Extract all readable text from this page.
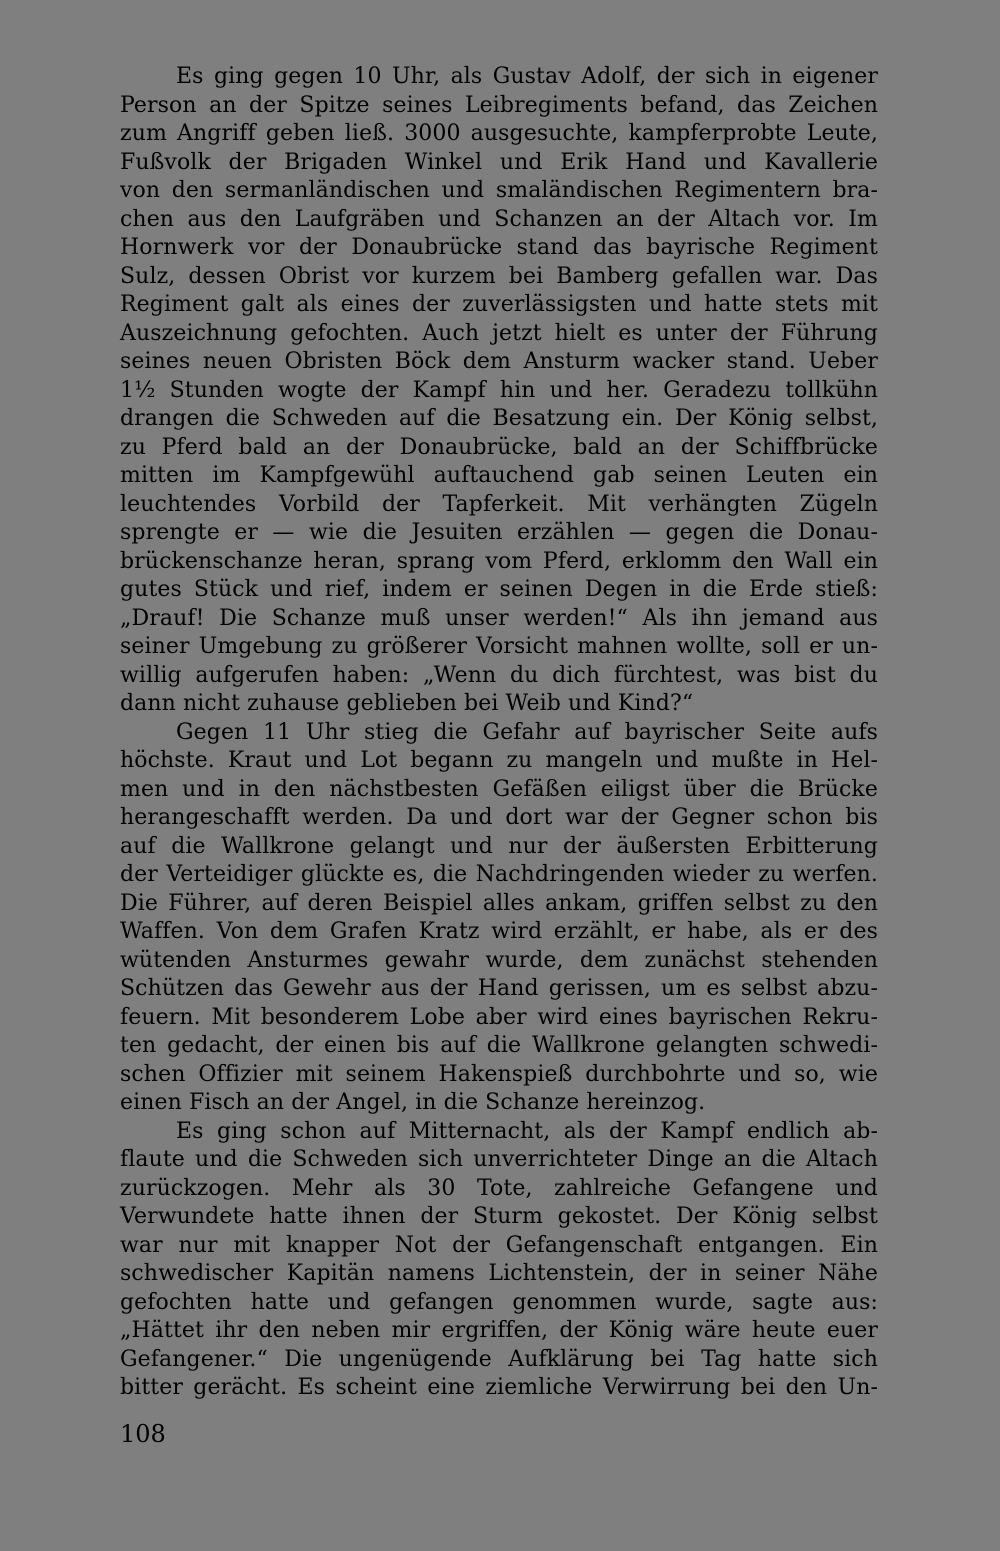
Es ging gegen 10 Uhr, als Gustav Adolf, der sich in eigener
Person an der Spitze seines Leibregiments befand, das Zeichen
zum Angriff geben ließ. 3000 ausgesuchte, kampferprobte Leute,
Fußvolk der Brigaden Winkel und Erik Hand und Kavallerie
von den sermanländischen und smaländischen Regimentern bra-
chen aus den Laufgräben und Schanzen an der Altach vor. Im
Hornwerk vor der Donaubrücke stand das bayrische Regiment
Sulz, dessen Obrist vor kurzem bei Bamberg gefallen war. Das
Regiment galt als eines der zuverlässigsten und hatte stets mit
Auszeichnung gefochten. Auch jetzt hielt es unter der Führung
seines neuen Obristen Böck dem Ansturm wacker stand. Ueber
1½ Stunden wogte der Kampf hin und her. Geradezu tollkühn
drangen die Schweden auf die Besatzung ein. Der König selbst,
zu Pferd bald an der Donaubrücke, bald an der Schiffbrücke
mitten im Kampfgewühl auftauchend gab seinen Leuten ein
leuchtendes Vorbild der Tapferkeit. Mit verhängten Zügeln
sprengte er — wie die Jesuiten erzählen — gegen die Donau-
brückenschanze heran, sprang vom Pferd, erklomm den Wall ein
gutes Stück und rief, indem er seinen Degen in die Erde stieß:
„Drauf! Die Schanze muß unser werden!“ Als ihn jemand aus
seiner Umgebung zu größerer Vorsicht mahnen wollte, soll er un-
willig aufgerufen haben: „Wenn du dich fürchtest, was bist du
dann nicht zuhause geblieben bei Weib und Kind?“
Gegen 11 Uhr stieg die Gefahr auf bayrischer Seite aufs
höchste. Kraut und Lot begann zu mangeln und mußte in Hel-
men und in den nächstbesten Gefäßen eiligst über die Brücke
herangeschafft werden. Da und dort war der Gegner schon bis
auf die Wallkrone gelangt und nur der äußersten Erbitterung
der Verteidiger glückte es, die Nachdringenden wieder zu werfen.
Die Führer, auf deren Beispiel alles ankam, griffen selbst zu den
Waffen. Von dem Grafen Kratz wird erzählt, er habe, als er des
wütenden Ansturmes gewahr wurde, dem zunächst stehenden
Schützen das Gewehr aus der Hand gerissen, um es selbst abzu-
feuern. Mit besonderem Lobe aber wird eines bayrischen Rekru-
ten gedacht, der einen bis auf die Wallkrone gelangten schwedi-
schen Offizier mit seinem Hakenspieß durchbohrte und so, wie
einen Fisch an der Angel, in die Schanze hereinzog.
Es ging schon auf Mitternacht, als der Kampf endlich ab-
flaute und die Schweden sich unverrichteter Dinge an die Altach
zurückzogen. Mehr als 30 Tote, zahlreiche Gefangene und
Verwundete hatte ihnen der Sturm gekostet. Der König selbst
war nur mit knapper Not der Gefangenschaft entgangen. Ein
schwedischer Kapitän namens Lichtenstein, der in seiner Nähe
gefochten hatte und gefangen genommen wurde, sagte aus:
„Hättet ihr den neben mir ergriffen, der König wäre heute euer
Gefangener.“ Die ungenügende Aufklärung bei Tag hatte sich
bitter gerächt. Es scheint eine ziemliche Verwirrung bei den Un-
108
